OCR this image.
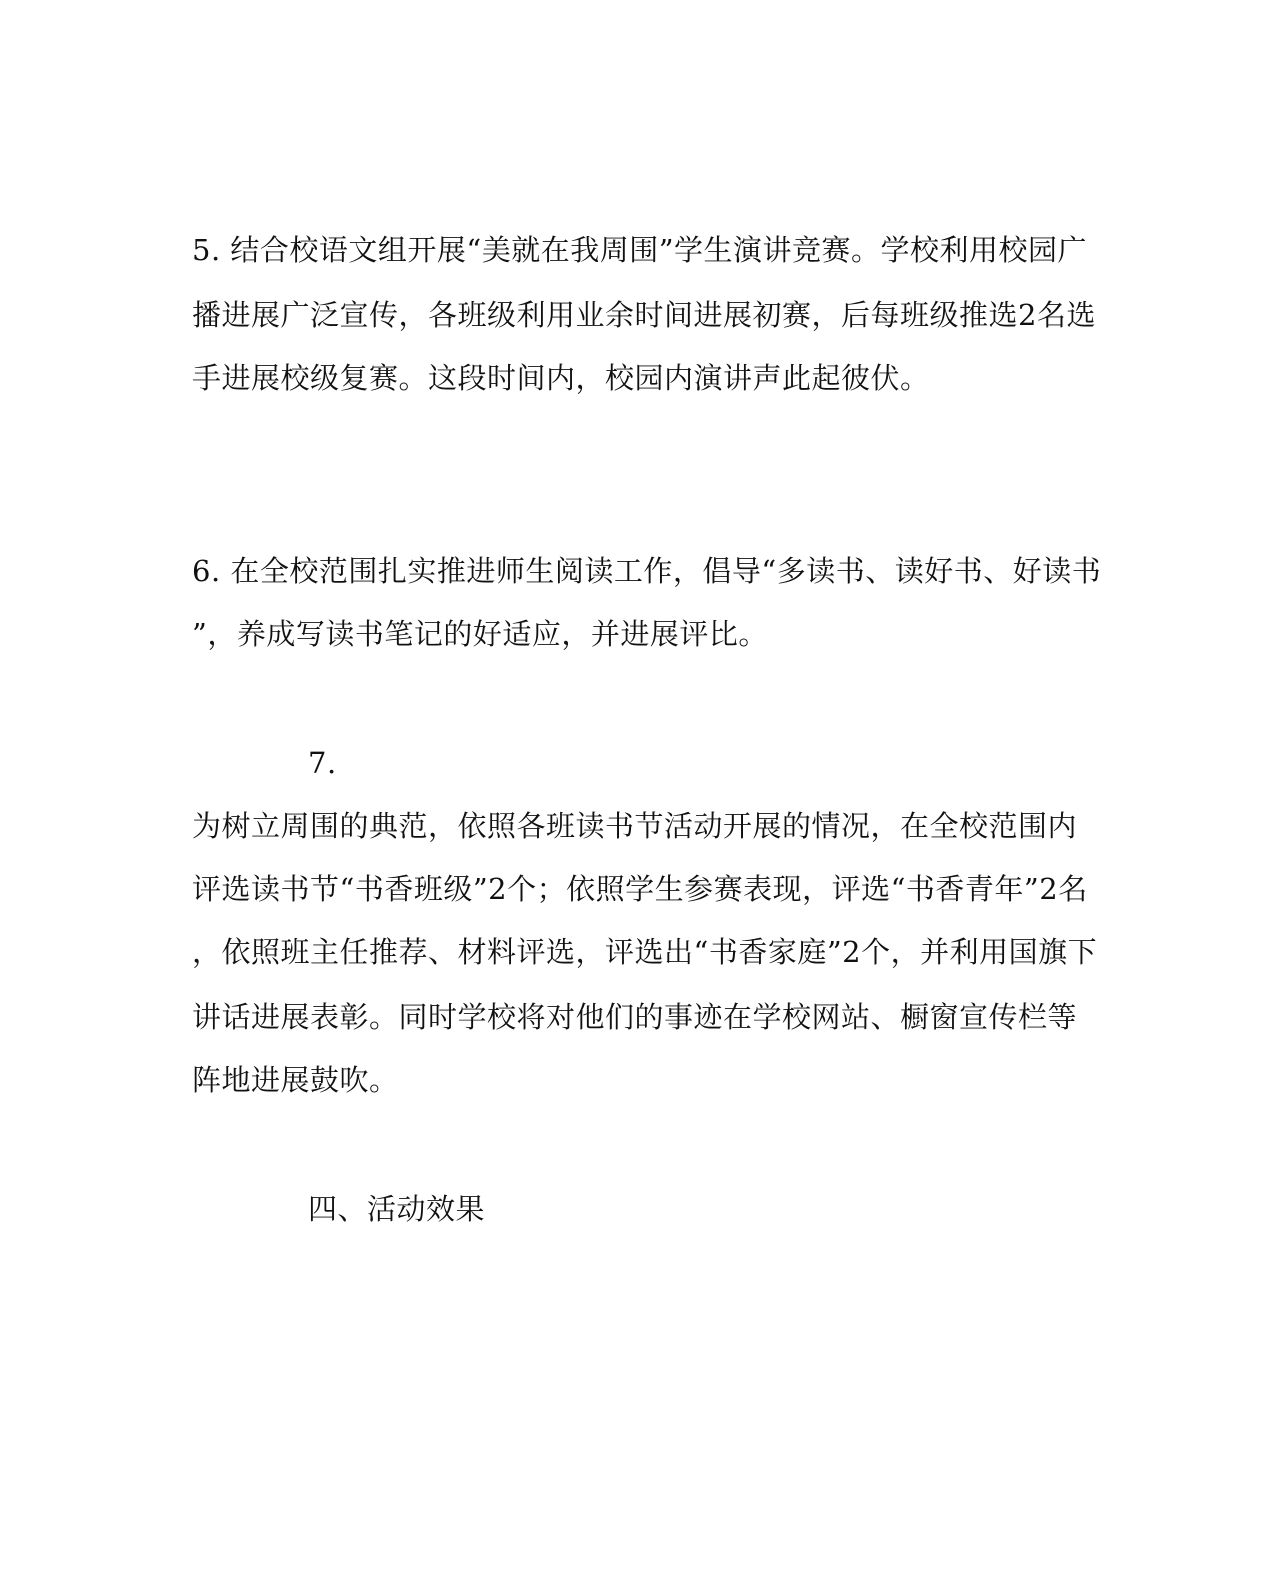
5. 结合校语文组开展“美就在我周围”学生演讲竞赛。学校利用校园广
播进展广泛宣传，各班级利用业余时间进展初赛，后每班级推选2名选
手进展校级复赛。这段时间内，校园内演讲声此起彼伏。
6. 在全校范围扎实推进师生阅读工作，倡导“多读书、读好书、好读书
”，养成写读书笔记的好适应，并进展评比。
7.
为树立周围的典范，依照各班读书节活动开展的情况，在全校范围内
评选读书节“书香班级”2个；依照学生参赛表现，评选“书香青年”2名
，依照班主任推荐、材料评选，评选出“书香家庭”2个，并利用国旗下
讲话进展表彰。同时学校将对他们的事迹在学校网站、橱窗宣传栏等
阵地进展鼓吹。
四、活动效果
